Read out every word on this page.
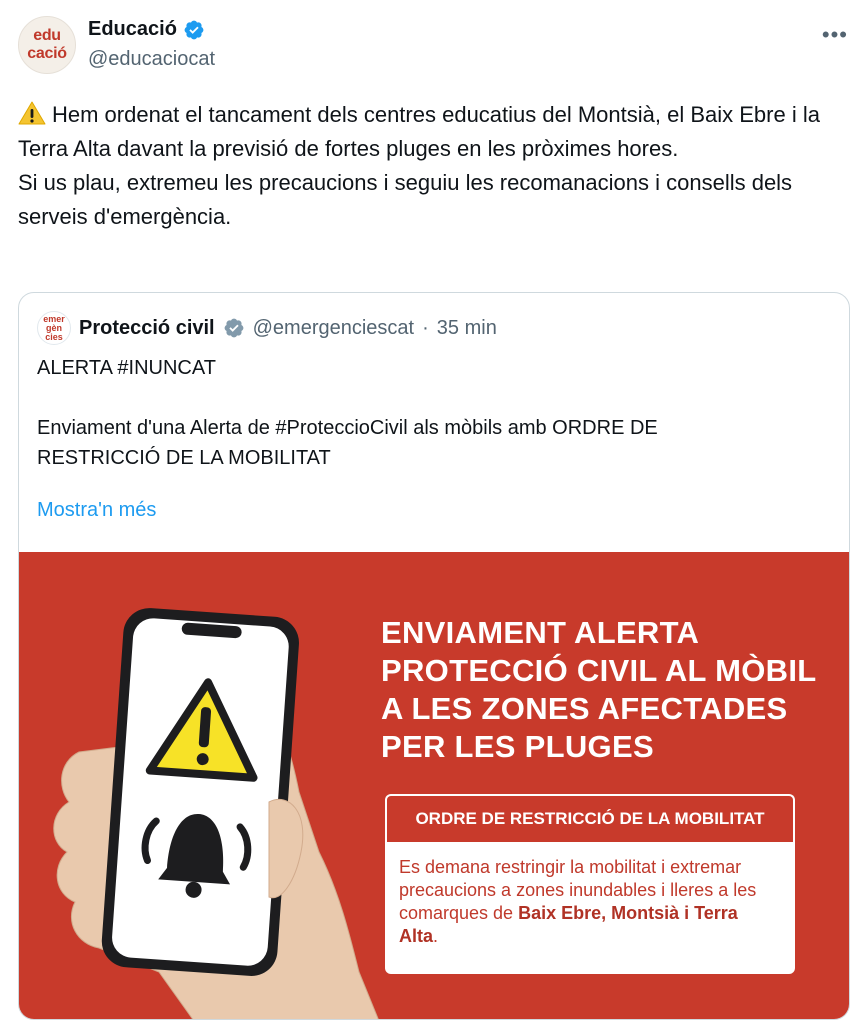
edu
cació
Educació
@educaciocat
•••

Hem ordenat el tancament dels centres educatius del Montsià, el Baix Ebre i la Terra Alta davant la previsió de fortes pluges en les pròximes hores.

Si us plau, extremeu les precaucions i seguiu les recomanacions i consells dels serveis d'emergència.

emer
gèn
cies Protecció civil @emergenciescat · 35 min
ALERTA #INUNCAT
Enviament d'una Alerta de #ProteccioCivil als mòbils amb ORDRE DE
RESTRICCIÓ DE LA MOBILITAT
Mostra'n més
ENVIAMENT ALERTA
PROTECCIÓ CIVIL AL MÒBIL
A LES ZONES AFECTADES
PER LES PLUGES
ORDRE DE RESTRICCIÓ DE LA MOBILITAT
Es demana restringir la mobilitat i extremar precaucions a zones inundables i lleres a les comarques de Baix Ebre, Montsià i Terra Alta.
